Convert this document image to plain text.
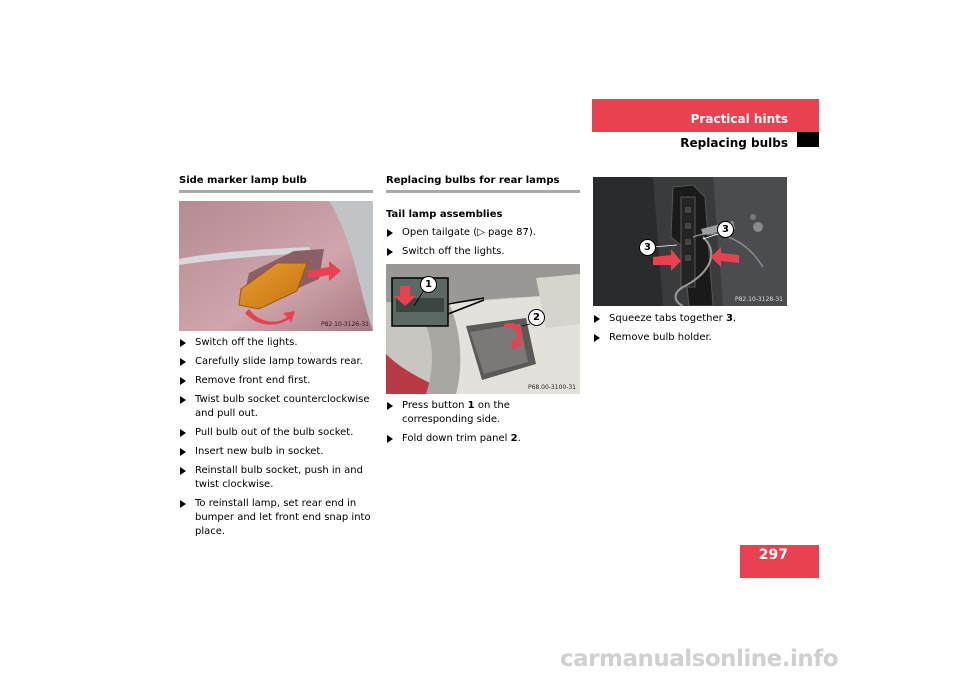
Practical hints
Replacing bulbs
Side marker lamp bulb
P82.10-3126-31
Switch off the lights.
Carefully slide lamp towards rear.
Remove front end first.
Twist bulb socket counterclockwise and pull out.
Pull bulb out of the bulb socket.
Insert new bulb in socket.
Reinstall bulb socket, push in and twist clockwise.
To reinstall lamp, set rear end in bumper and let front end snap into place.
Replacing bulbs for rear lamps
Tail lamp assemblies
Open tailgate (▷ page 87).
Switch off the lights.
1
2
P68.00-3100-31
Press button 1 on the corresponding side.
Fold down trim panel 2.
3
3
P82.10-3128-31
Squeeze tabs together 3.
Remove bulb holder.
297
carmanualsonline.info
